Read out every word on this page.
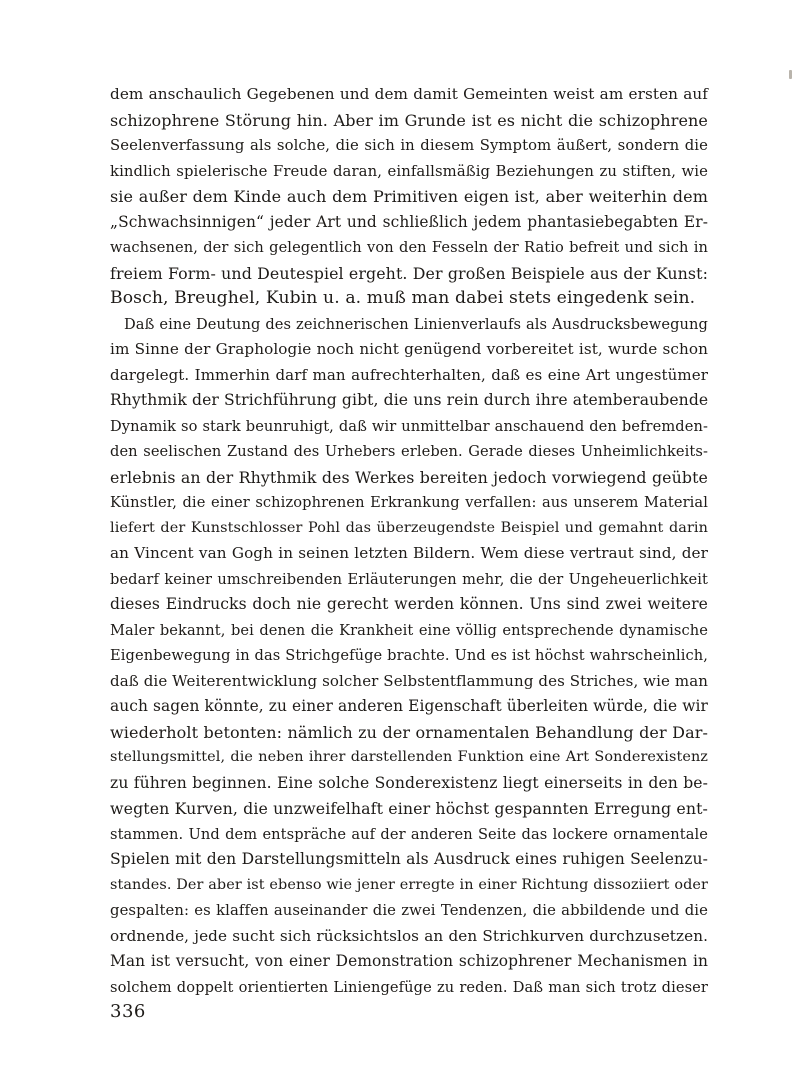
dem anschaulich Gegebenen und dem damit Gemeinten weist am ersten auf
schizophrene Störung hin. Aber im Grunde ist es nicht die schizophrene
Seelenverfassung als solche, die sich in diesem Symptom äußert, sondern die
kindlich spielerische Freude daran, einfallsmäßig Beziehungen zu stiften, wie
sie außer dem Kinde auch dem Primitiven eigen ist, aber weiterhin dem
„Schwachsinnigen“ jeder Art und schließlich jedem phantasiebegabten Er-
wachsenen, der sich gelegentlich von den Fesseln der Ratio befreit und sich in
freiem Form- und Deutespiel ergeht. Der großen Beispiele aus der Kunst:
Bosch, Breughel, Kubin u. a. muß man dabei stets eingedenk sein.
Daß eine Deutung des zeichnerischen Linienverlaufs als Ausdrucksbewegung
im Sinne der Graphologie noch nicht genügend vorbereitet ist, wurde schon
dargelegt. Immerhin darf man aufrechterhalten, daß es eine Art ungestümer
Rhythmik der Strichführung gibt, die uns rein durch ihre atemberaubende
Dynamik so stark beunruhigt, daß wir unmittelbar anschauend den befremden-
den seelischen Zustand des Urhebers erleben. Gerade dieses Unheimlichkeits-
erlebnis an der Rhythmik des Werkes bereiten jedoch vorwiegend geübte
Künstler, die einer schizophrenen Erkrankung verfallen: aus unserem Material
liefert der Kunstschlosser Pohl das überzeugendste Beispiel und gemahnt darin
an Vincent van Gogh in seinen letzten Bildern. Wem diese vertraut sind, der
bedarf keiner umschreibenden Erläuterungen mehr, die der Ungeheuerlichkeit
dieses Eindrucks doch nie gerecht werden können. Uns sind zwei weitere
Maler bekannt, bei denen die Krankheit eine völlig entsprechende dynamische
Eigenbewegung in das Strichgefüge brachte. Und es ist höchst wahrscheinlich,
daß die Weiterentwicklung solcher Selbstentflammung des Striches, wie man
auch sagen könnte, zu einer anderen Eigenschaft überleiten würde, die wir
wiederholt betonten: nämlich zu der ornamentalen Behandlung der Dar-
stellungsmittel, die neben ihrer darstellenden Funktion eine Art Sonderexistenz
zu führen beginnen. Eine solche Sonderexistenz liegt einerseits in den be-
wegten Kurven, die unzweifelhaft einer höchst gespannten Erregung ent-
stammen. Und dem entspräche auf der anderen Seite das lockere ornamentale
Spielen mit den Darstellungsmitteln als Ausdruck eines ruhigen Seelenzu-
standes. Der aber ist ebenso wie jener erregte in einer Richtung dissoziiert oder
gespalten: es klaffen auseinander die zwei Tendenzen, die abbildende und die
ordnende, jede sucht sich rücksichtslos an den Strichkurven durchzusetzen.
Man ist versucht, von einer Demonstration schizophrener Mechanismen in
solchem doppelt orientierten Liniengefüge zu reden. Daß man sich trotz dieser
336
